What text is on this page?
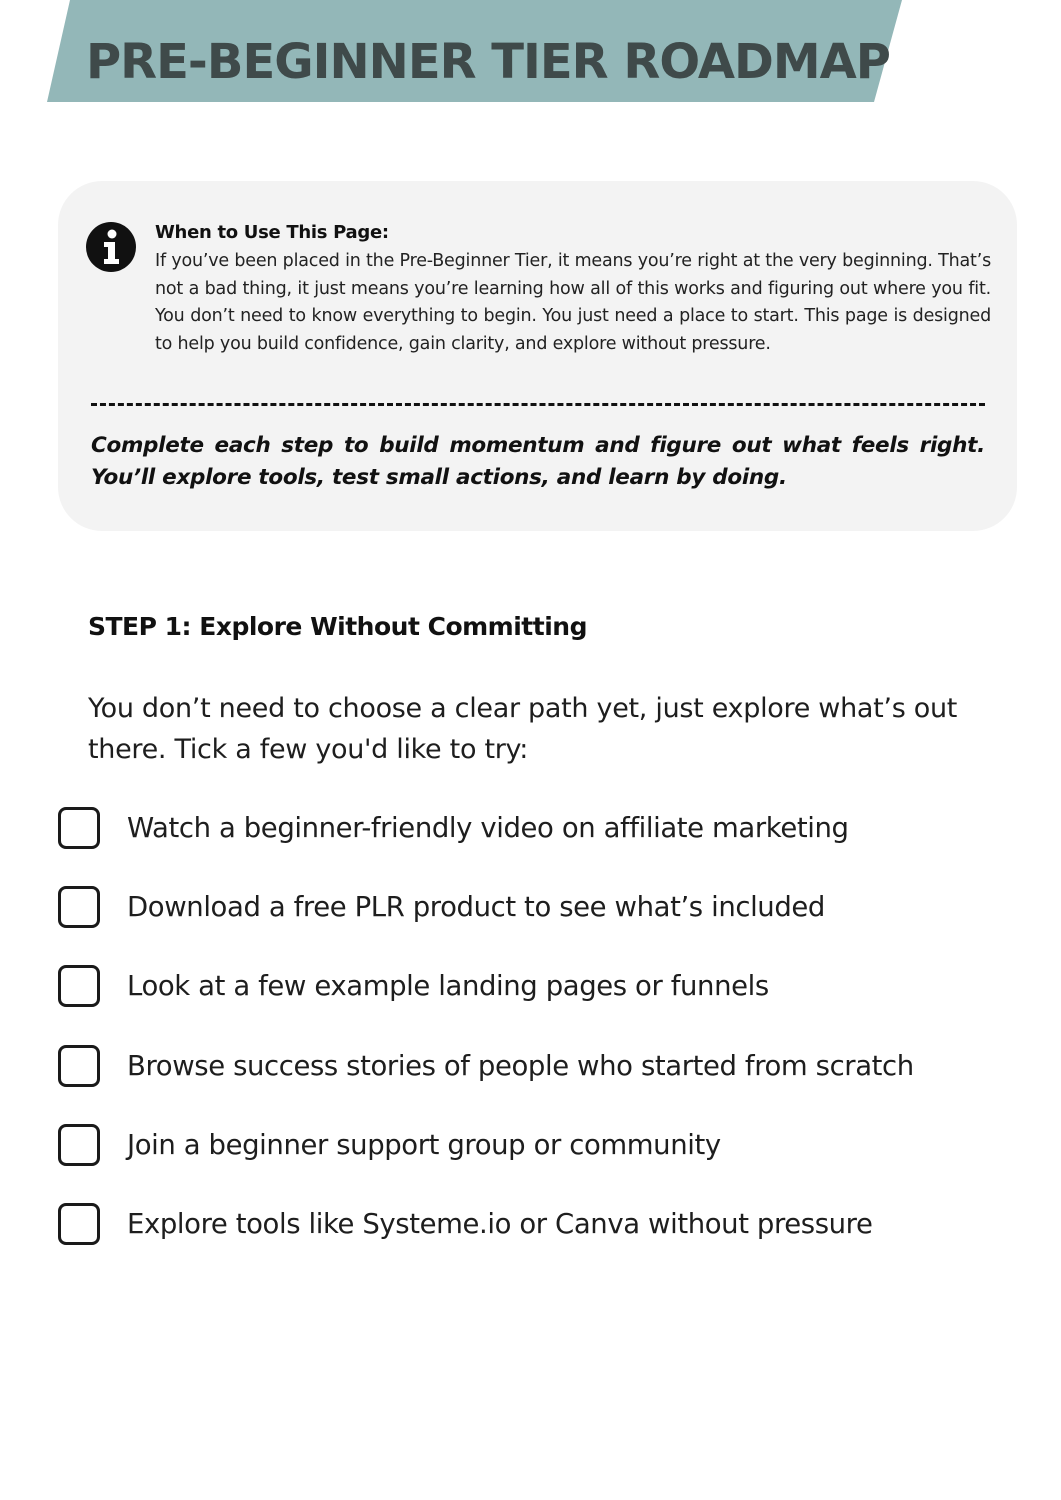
PRE-BEGINNER TIER ROADMAP
When to Use This Page:
If you’ve been placed in the Pre-Beginner Tier, it means you’re right at the very beginning. That’s not a bad thing, it just means you’re learning how all of this works and figuring out where you fit. You don’t need to know everything to begin. You just need a place to start. This page is designed to help you build confidence, gain clarity, and explore without pressure.
Complete each step to build momentum and figure out what feels right. You’ll explore tools, test small actions, and learn by doing.
STEP 1: Explore Without Committing
You don’t need to choose a clear path yet, just explore what’s out there. Tick a few you'd like to try:
Watch a beginner-friendly video on affiliate marketing
Download a free PLR product to see what’s included
Look at a few example landing pages or funnels
Browse success stories of people who started from scratch
Join a beginner support group or community
Explore tools like Systeme.io or Canva without pressure
